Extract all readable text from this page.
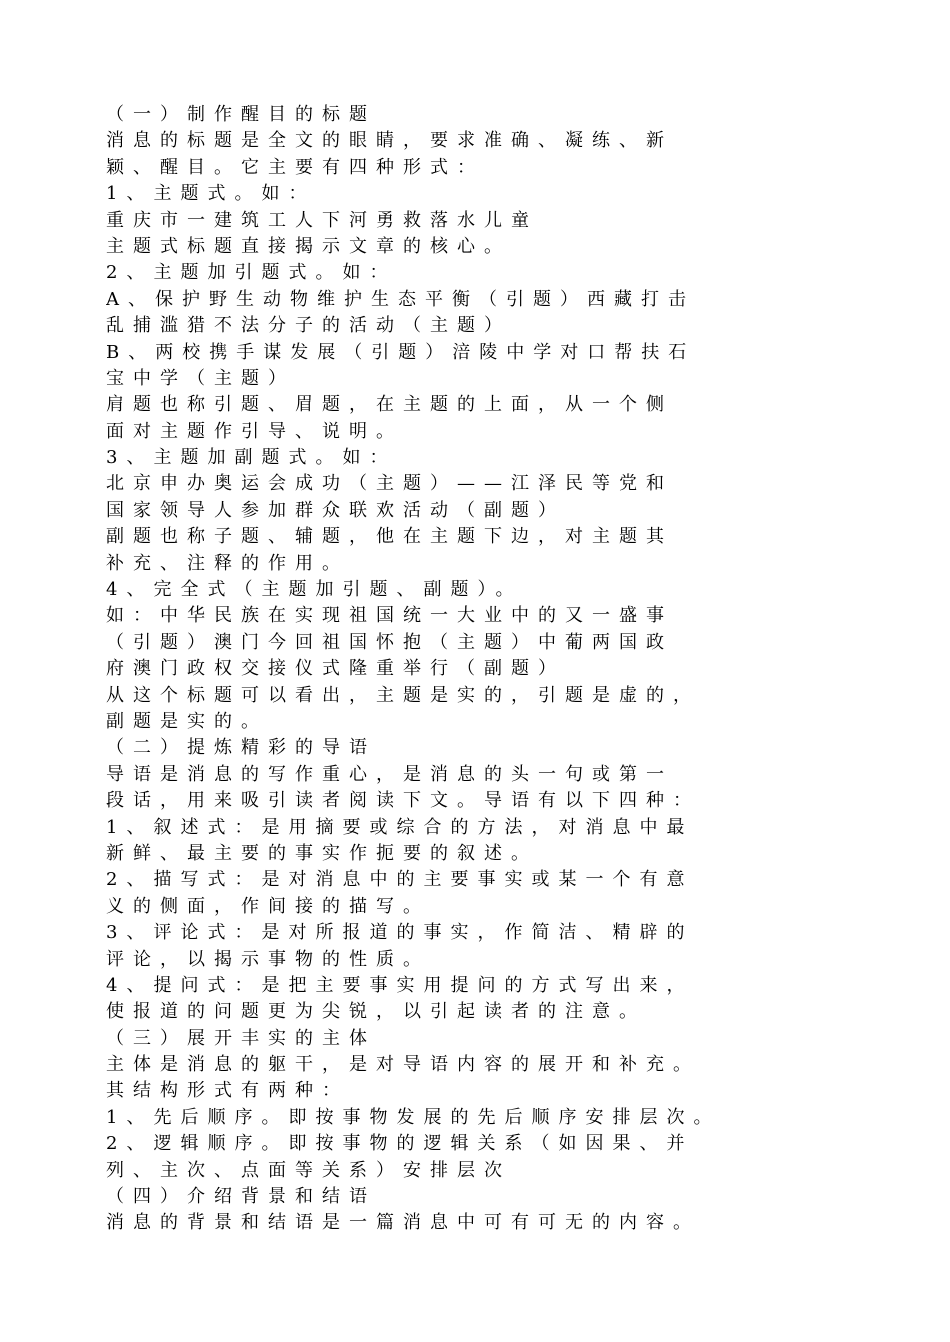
（一）制作醒目的标题
消息的标题是全文的眼睛，要求准确、凝练、新
颖、醒目。它主要有四种形式：
1、主题式。如：
重庆市一建筑工人下河勇救落水儿童
主题式标题直接揭示文章的核心。
2、主题加引题式。如：
A、保护野生动物维护生态平衡（引题）西藏打击
乱捕滥猎不法分子的活动（主题）
B、两校携手谋发展（引题）涪陵中学对口帮扶石
宝中学（主题）
肩题也称引题、眉题，在主题的上面，从一个侧
面对主题作引导、说明。
3、主题加副题式。如：
北京申办奥运会成功（主题）——江泽民等党和
国家领导人参加群众联欢活动（副题）
副题也称子题、辅题，他在主题下边，对主题其
补充、注释的作用。
4、完全式（主题加引题、副题）。
如：中华民族在实现祖国统一大业中的又一盛事
（引题）澳门今回祖国怀抱（主题）中葡两国政
府澳门政权交接仪式隆重举行（副题）
从这个标题可以看出，主题是实的，引题是虚的，
副题是实的。
（二）提炼精彩的导语
导语是消息的写作重心，是消息的头一句或第一
段话，用来吸引读者阅读下文。导语有以下四种：
1、叙述式：是用摘要或综合的方法，对消息中最
新鲜、最主要的事实作扼要的叙述。
2、描写式：是对消息中的主要事实或某一个有意
义的侧面，作间接的描写。
3、评论式：是对所报道的事实，作简洁、精辟的
评论，以揭示事物的性质。
4、提问式：是把主要事实用提问的方式写出来，
使报道的问题更为尖锐，以引起读者的注意。
（三）展开丰实的主体
主体是消息的躯干，是对导语内容的展开和补充。
其结构形式有两种：
1、先后顺序。即按事物发展的先后顺序安排层次。
2、逻辑顺序。即按事物的逻辑关系（如因果、并
列、主次、点面等关系）安排层次
（四）介绍背景和结语
消息的背景和结语是一篇消息中可有可无的内容。
